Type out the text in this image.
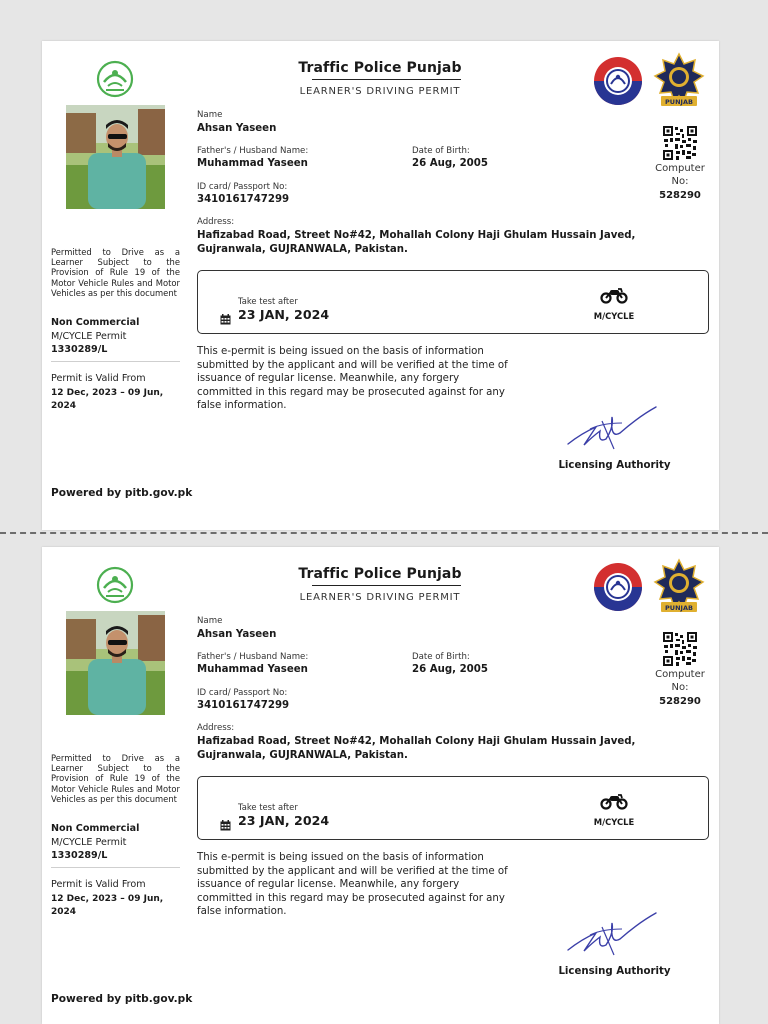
Traffic Police Punjab
LEARNER'S DRIVING PERMIT
PUNJAB
Permitted to Drive as a Learner Subject to the Provision of Rule 19 of the Motor Vehicle Rules and Motor Vehicles as per this document
Non Commercial
M/CYCLE Permit
1330289/L
Permit is Valid From
12 Dec, 2023 – 09 Jun, 2024
Powered by pitb.gov.pk
Name
Ahsan Yaseen
Father's / Husband Name:
Muhammad Yaseen
Date of Birth:
26 Aug, 2005
ID card/ Passport No:
3410161747299
Address:
Hafizabad Road, Street No#42, Mohallah Colony Haji Ghulam Hussain Javed, Gujranwala, GUJRANWALA, Pakistan.
Computer No:
528290
Take test after
23 JAN, 2024	M/CYCLE
This e-permit is being issued on the basis of information submitted by the applicant and will be verified at the time of issuance of regular license. Meanwhile, any forgery committed in this regard may be prosecuted against for any false information.
Licensing Authority
Traffic Police Punjab
LEARNER'S DRIVING PERMIT
PUNJAB
Permitted to Drive as a Learner Subject to the Provision of Rule 19 of the Motor Vehicle Rules and Motor Vehicles as per this document
Non Commercial
M/CYCLE Permit
1330289/L
Permit is Valid From
12 Dec, 2023 – 09 Jun, 2024
Powered by pitb.gov.pk
Name
Ahsan Yaseen
Father's / Husband Name:
Muhammad Yaseen
Date of Birth:
26 Aug, 2005
ID card/ Passport No:
3410161747299
Address:
Hafizabad Road, Street No#42, Mohallah Colony Haji Ghulam Hussain Javed, Gujranwala, GUJRANWALA, Pakistan.
Computer No:
528290
Take test after
23 JAN, 2024	M/CYCLE
This e-permit is being issued on the basis of information submitted by the applicant and will be verified at the time of issuance of regular license. Meanwhile, any forgery committed in this regard may be prosecuted against for any false information.
Licensing Authority
